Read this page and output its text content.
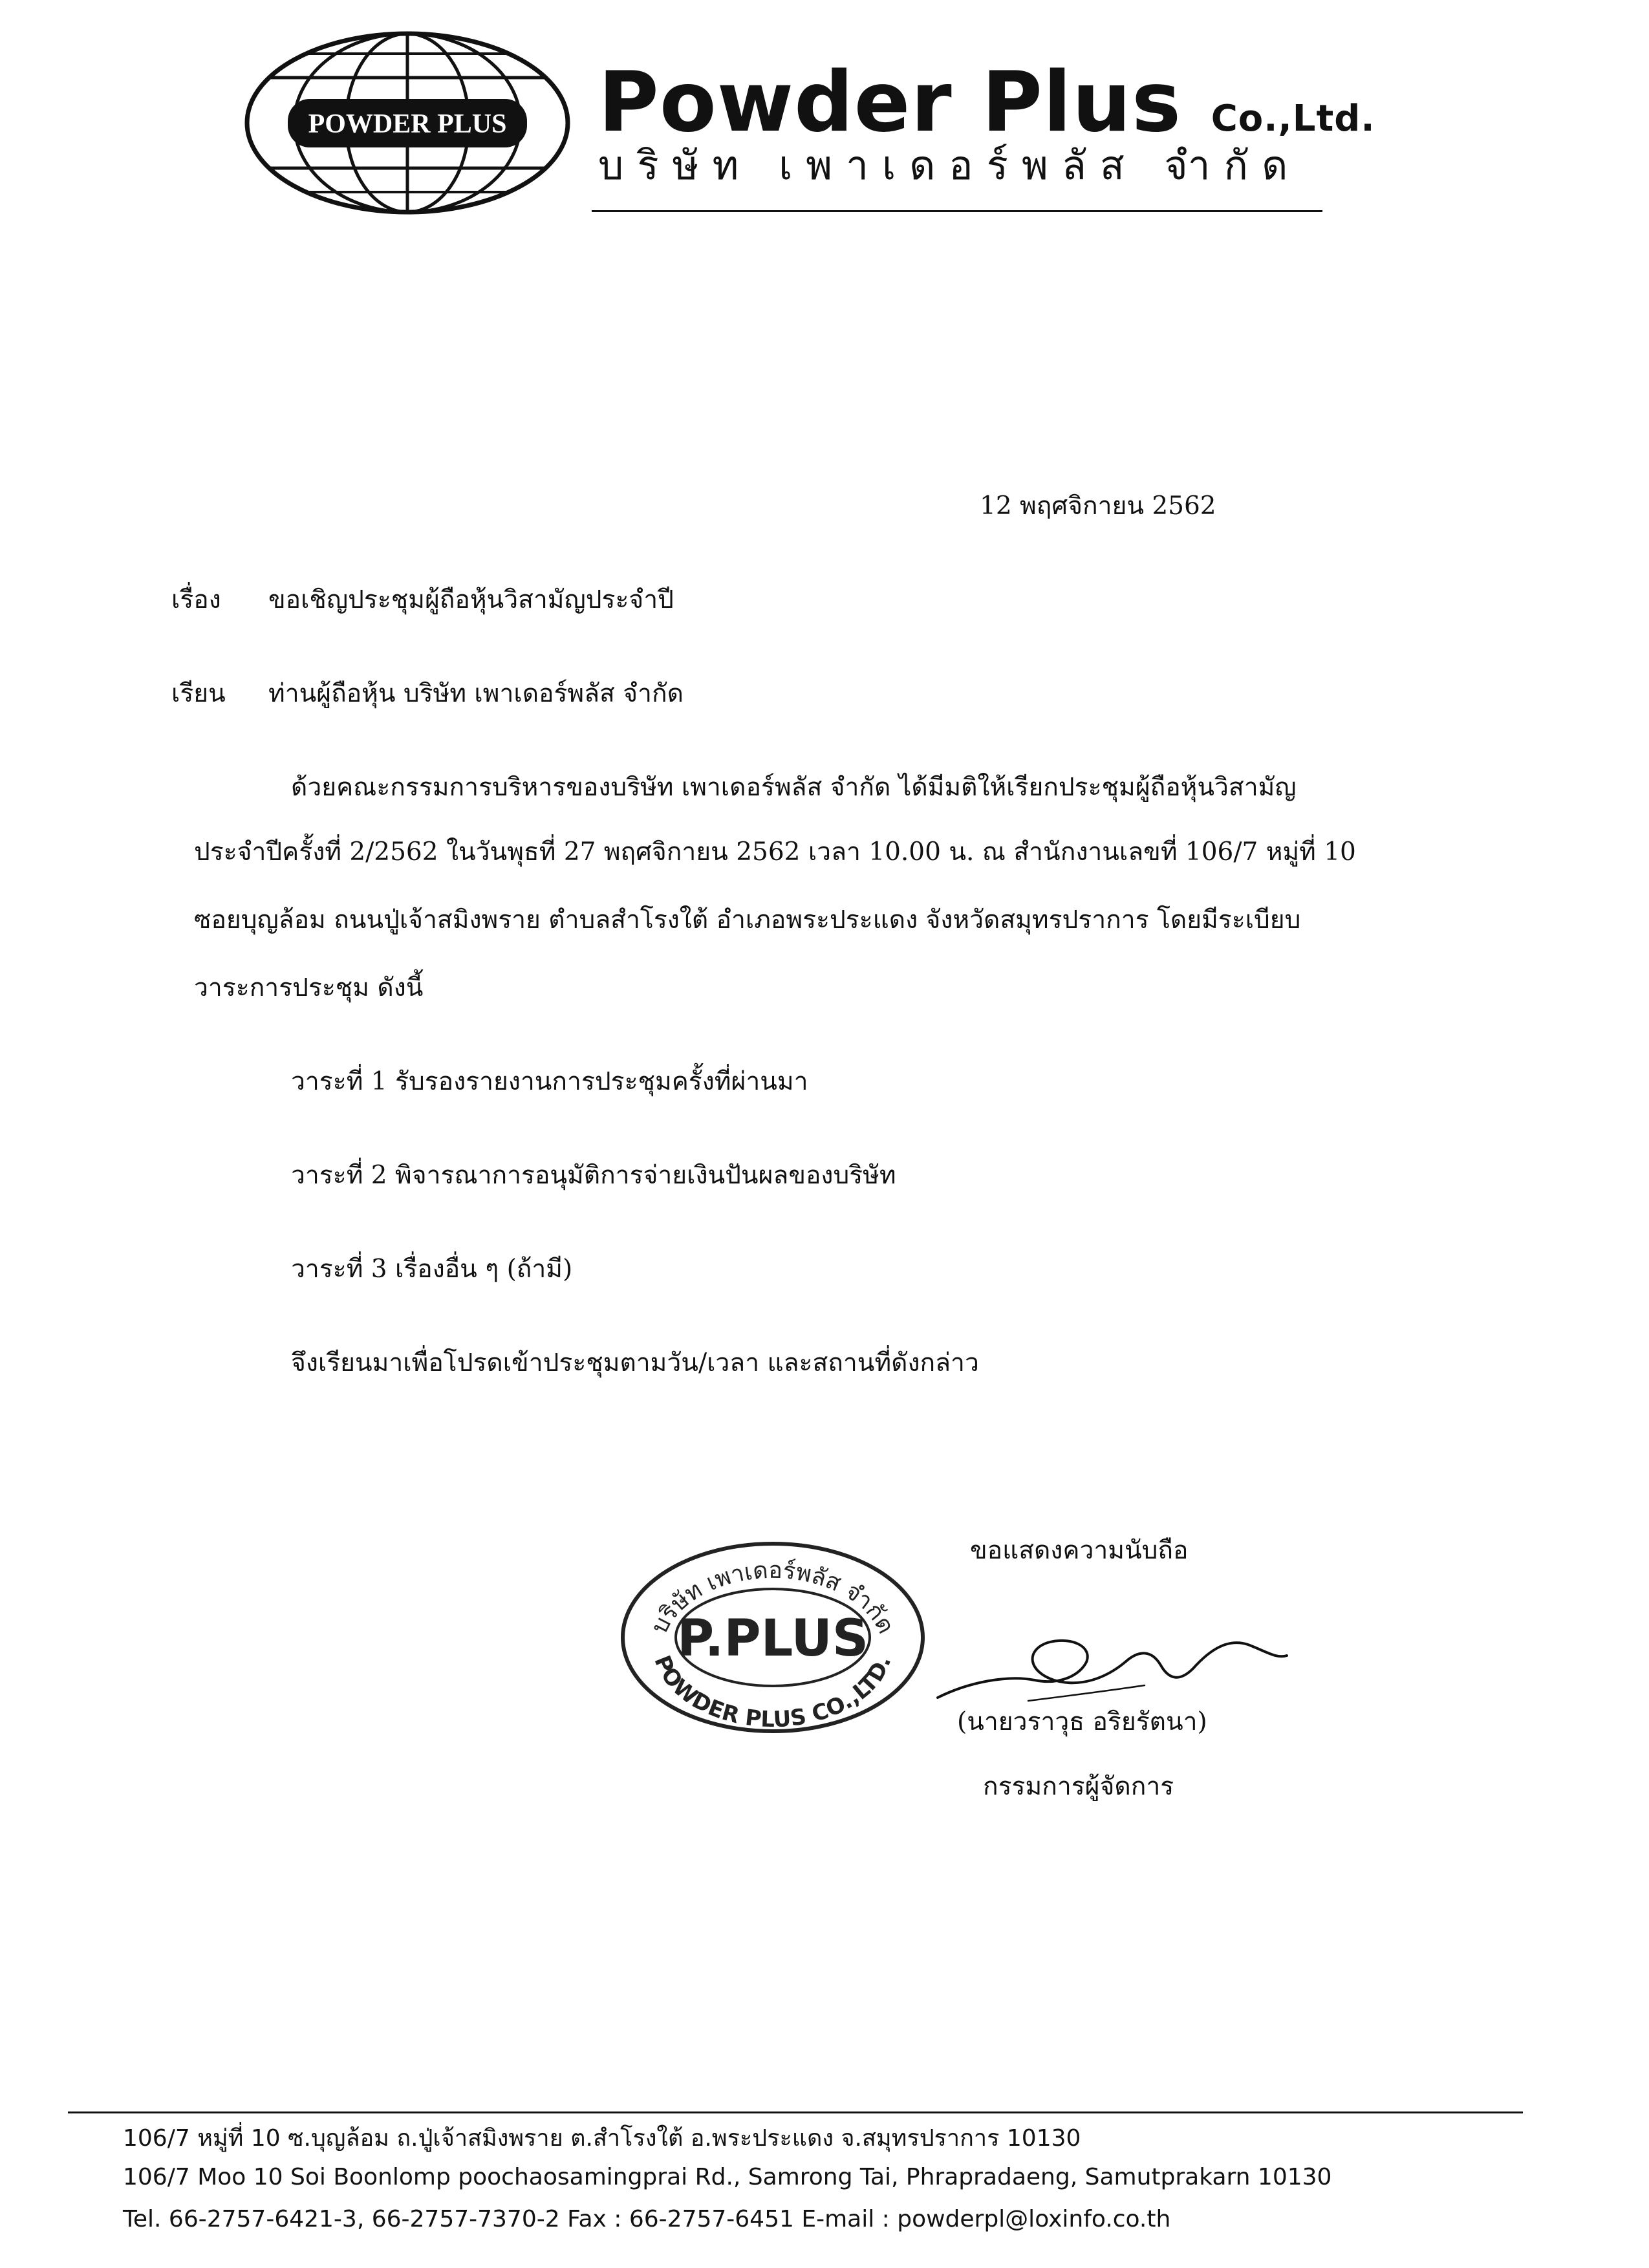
POWDER PLUS Powder Plus Co.,Ltd.
บริษัท เพาเดอร์พลัส จำกัด
12 พฤศจิกายน 2562
เรื่อง ขอเชิญประชุมผู้ถือหุ้นวิสามัญประจำปี
เรียน ท่านผู้ถือหุ้น บริษัท เพาเดอร์พลัส จำกัด
ด้วยคณะกรรมการบริหารของบริษัท เพาเดอร์พลัส จำกัด ได้มีมติให้เรียกประชุมผู้ถือหุ้นวิสามัญ
ประจำปีครั้งที่ 2/2562 ในวันพุธที่ 27 พฤศจิกายน 2562 เวลา 10.00 น. ณ สำนักงานเลขที่ 106/7 หมู่ที่ 10
ซอยบุญล้อม ถนนปู่เจ้าสมิงพราย ตำบลสำโรงใต้ อำเภอพระประแดง จังหวัดสมุทรปราการ โดยมีระเบียบ
วาระการประชุม ดังนี้
วาระที่ 1 รับรองรายงานการประชุมครั้งที่ผ่านมา
วาระที่ 2 พิจารณาการอนุมัติการจ่ายเงินปันผลของบริษัท
วาระที่ 3 เรื่องอื่น ๆ (ถ้ามี)
จึงเรียนมาเพื่อโปรดเข้าประชุมตามวัน/เวลา และสถานที่ดังกล่าว
ขอแสดงความนับถือ
บริษัท เพาเดอร์พลัส จำกัด
P.PLUS
POWDER PLUS CO.,LTD.
(นายวราวุธ อริยรัตนา)
กรรมการผู้จัดการ
106/7 หมู่ที่ 10 ซ.บุญล้อม ถ.ปู่เจ้าสมิงพราย ต.สำโรงใต้ อ.พระประแดง จ.สมุทรปราการ 10130
106/7 Moo 10 Soi Boonlomp poochaosamingprai Rd., Samrong Tai, Phrapradaeng, Samutprakarn 10130
Tel. 66-2757-6421-3, 66-2757-7370-2 Fax : 66-2757-6451 E-mail : powderpl@loxinfo.co.th
